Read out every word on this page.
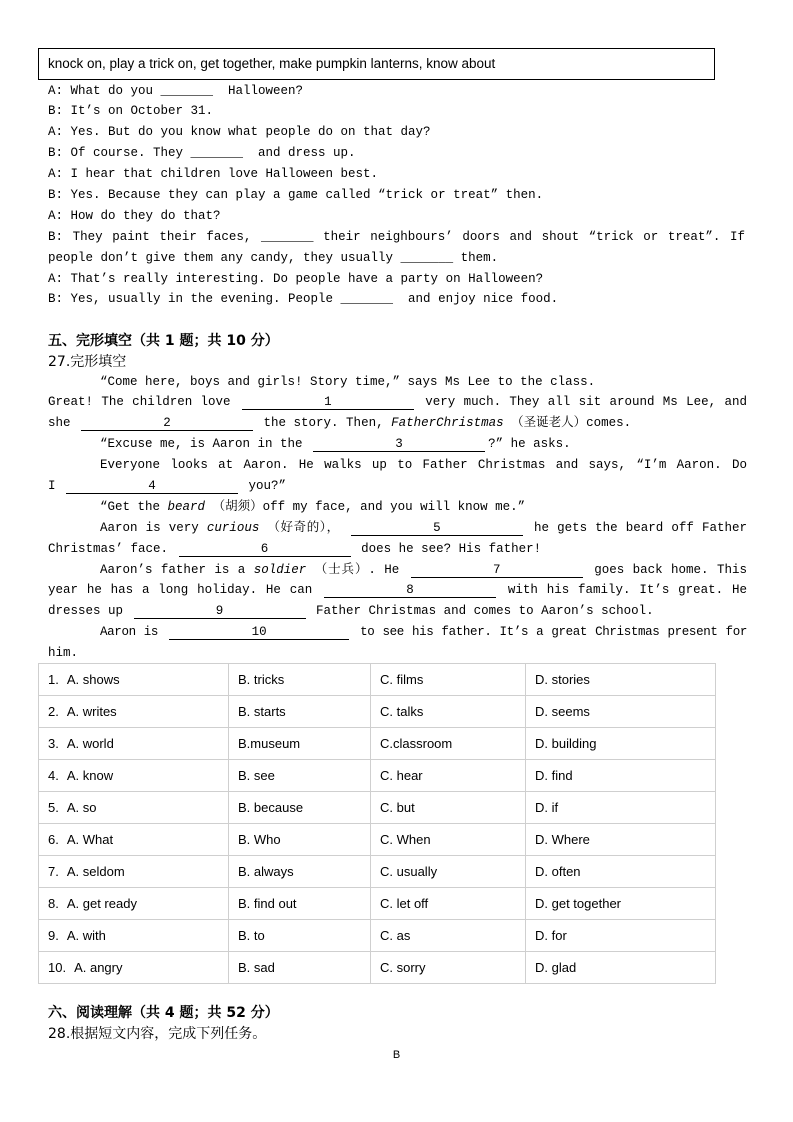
knock on, play a trick on, get together, make pumpkin lanterns, know about
A: What do you _______  Halloween?
B: It’s on October 31.
A: Yes. But do you know what people do on that day?
B: Of course. They _______  and dress up.
A: I hear that children love Halloween best.
B: Yes. Because they can play a game called “trick or treat” then.
A: How do they do that?
B: They paint their faces, _______ their neighbours’ doors and shout “trick or treat”. If people don’t give them any candy, they usually _______ them.
A: That’s really interesting. Do people have a party on Halloween?
B: Yes, usually in the evening. People _______  and enjoy nice food.
五、完形填空（共 1 题；共 10 分）
27.完形填空
“Come here, boys and girls! Story time,” says Ms Lee to the class.
Great! The children love	1	very much. They all sit around Ms Lee, and
she	2	the story. Then, FatherChristmas （圣诞老人）comes.
“Excuse me, is Aaron in the	3	?” he asks.
Everyone looks at Aaron. He walks up to Father Christmas and says, “I’m Aaron. Do
I	4	you?”
“Get the beard （胡须）off my face, and you will know me.”
Aaron is very curious （好奇的），	5	he gets the beard off Father
Christmas’ face.	6	does he see? His father!
Aaron’s father is a soldier （士兵）. He	7	goes back home. This
year he has a long holiday. He can	8	with his family. It’s great. He
dresses up	9	Father Christmas and comes to Aaron’s school.
Aaron is	10	to see his father. It’s a great Christmas present for
him.
1. A. shows	B. tricks	C. films	D. stories
2. A. writes	B. starts	C. talks	D. seems
3. A. world	B.museum	C.classroom	D. building
4. A. know	B. see	C. hear	D. find
5. A. so	B. because	C. but	D. if
6. A. What	B. Who	C. When	D. Where
7. A. seldom	B. always	C. usually	D. often
8. A. get ready	B. find out	C. let off	D. get together
9. A. with	B. to	C. as	D. for
10. A. angry	B. sad	C. sorry	D. glad
六、阅读理解（共 4 题；共 52 分）
28.根据短文内容，完成下列任务。
B
